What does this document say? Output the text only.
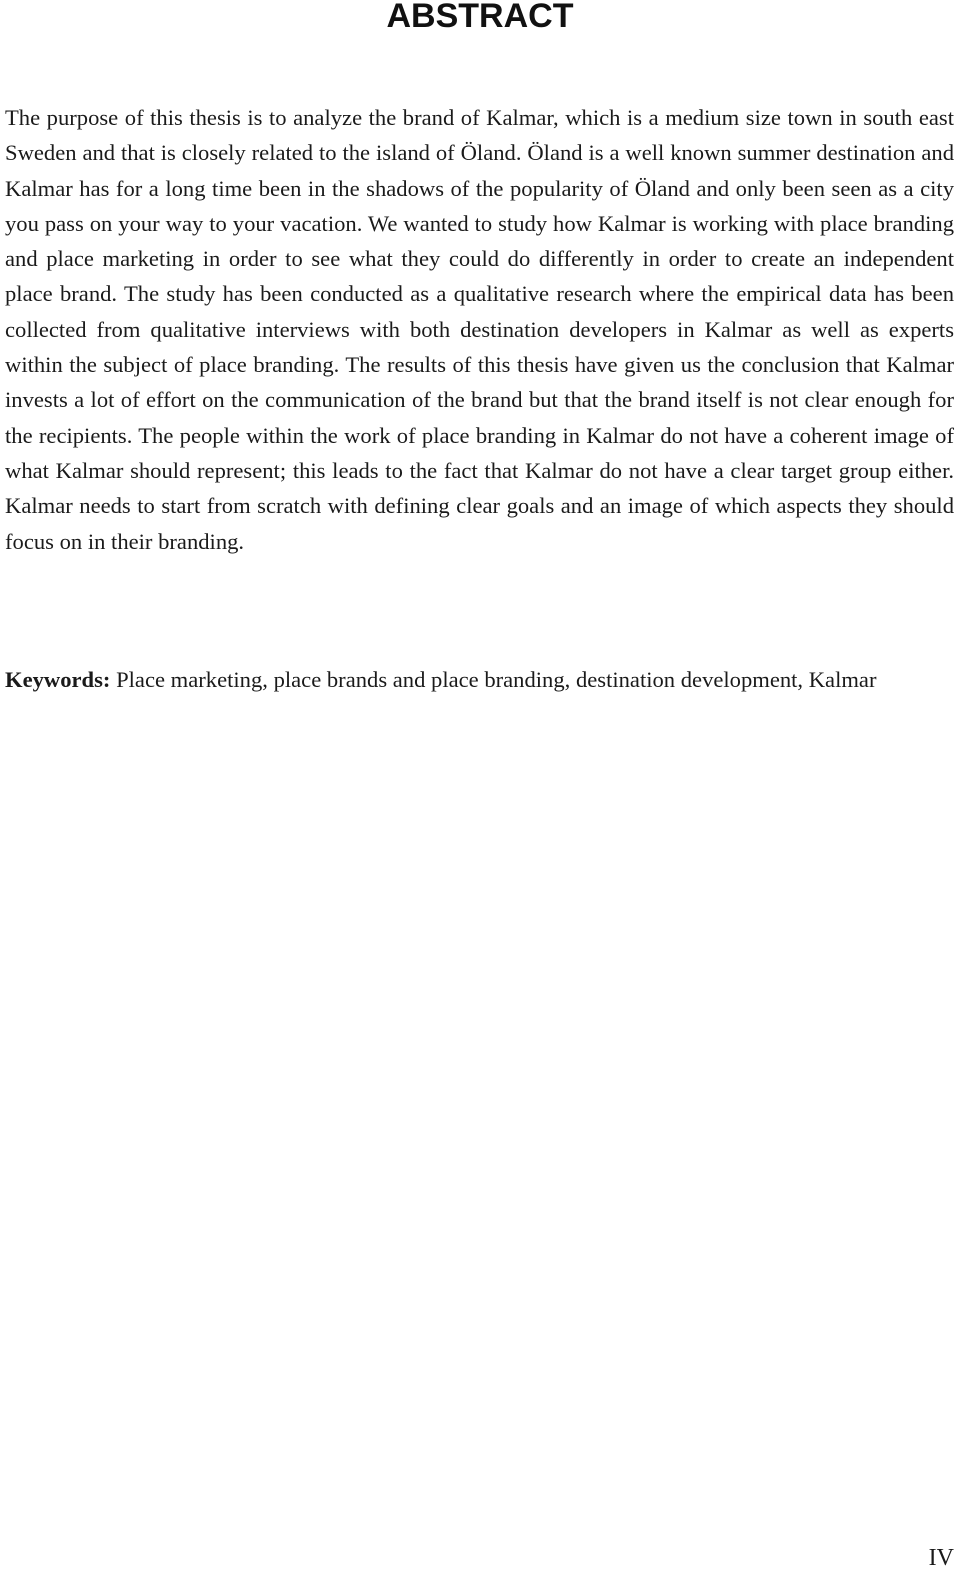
ABSTRACT

The purpose of this thesis is to analyze the brand of Kalmar, which is a medium size town in south east Sweden and that is closely related to the island of Öland. Öland is a well known summer destination and Kalmar has for a long time been in the shadows of the popularity of Öland and only been seen as a city you pass on your way to your vacation. We wanted to study how Kalmar is working with place branding and place marketing in order to see what they could do differently in order to create an independent place brand. The study has been conducted as a qualitative research where the empirical data has been collected from qualitative interviews with both destination developers in Kalmar as well as experts within the subject of place branding. The results of this thesis have given us the conclusion that Kalmar invests a lot of effort on the communication of the brand but that the brand itself is not clear enough for the recipients. The people within the work of place branding in Kalmar do not have a coherent image of what Kalmar should represent; this leads to the fact that Kalmar do not have a clear target group either. Kalmar needs to start from scratch with defining clear goals and an image of which aspects they should focus on in their branding.

Keywords: Place marketing, place brands and place branding, destination development, Kalmar

IV
